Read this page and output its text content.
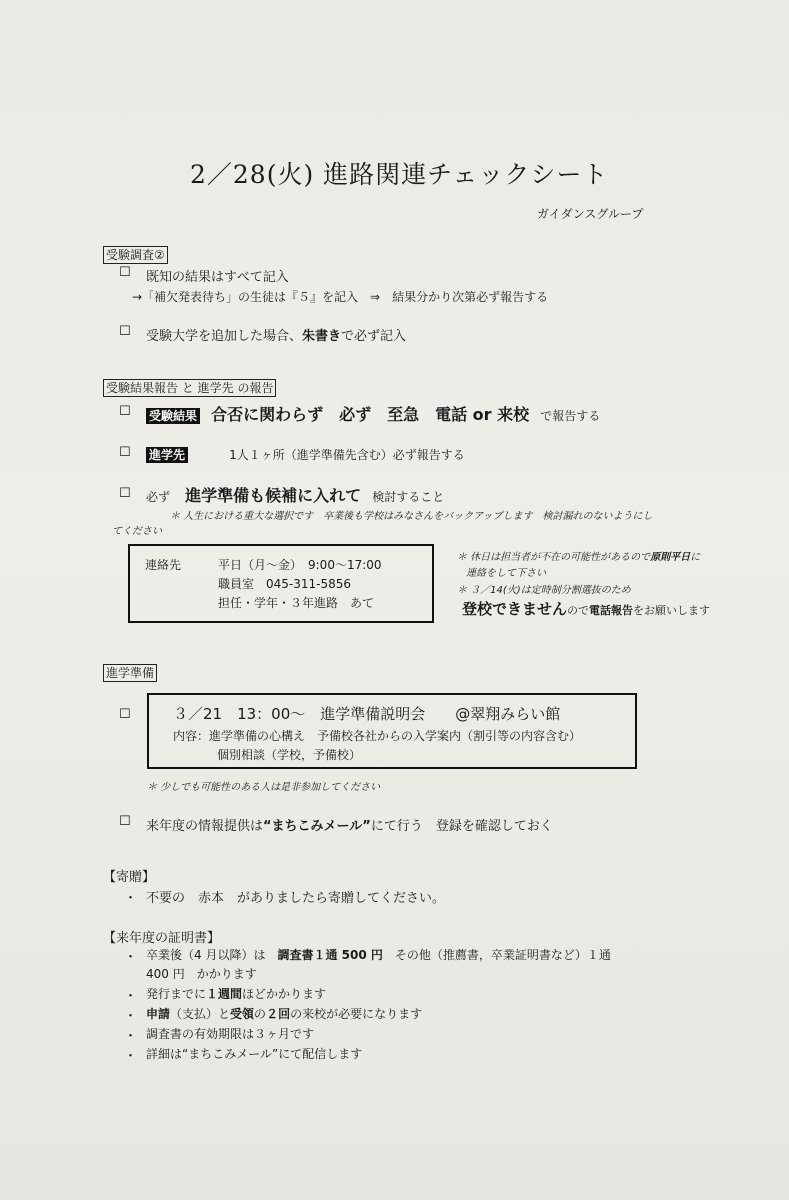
2／28(火) 進路関連チェックシート
ガイダンスグループ
受験調査②
☐ 既知の結果はすべて記入
→「補欠発表待ち」の生徒は『５』を記入　⇒　結果分かり次第必ず報告する
☐ 受験大学を追加した場合、朱書きで必ず記入
受験結果報告 と 進学先 の報告
☐ 受験結果 合否に関わらず　必ず　至急　電話 or 来校 で報告する
☐ 進学先	1人１ヶ所（進学準備先含む）必ず報告する
☐ 必ず 進学準備も候補に入れて 検討すること
＊ 人生における重大な選択です　卒業後も学校はみなさんをバックアップします　検討漏れのないようにし
てください
連絡先	平日（月～金）　9:00～17:00
職員室　045-311-5856
担任・学年・３年進路　あて
＊ 休日は担当者が不在の可能性があるので原則平日に
連絡をして下さい
＊ ３／14(火)は定時制分割選抜のため
登校できませんので電話報告をお願いします
進学準備
☐	３／21　13：00～　進学準備説明会　　@翠翔みらい館
内容：進学準備の心構え　予備校各社からの入学案内（割引等の内容含む）
個別相談（学校，予備校）
＊ 少しでも可能性のある人は是非参加してください
☐ 来年度の情報提供は“まちこみメール”にて行う　登録を確認しておく
【寄贈】
・ 不要の　赤本　がありましたら寄贈してください。
【来年度の証明書】
・ 卒業後（4 月以降）は　調査書１通 500 円　その他（推薦書，卒業証明書など）１通
400 円　かかります
・ 発行までに１週間ほどかかります
・ 申請（支払）と受領の２回の来校が必要になります
・ 調査書の有効期限は３ヶ月です
・ 詳細は“まちこみメール”にて配信します
